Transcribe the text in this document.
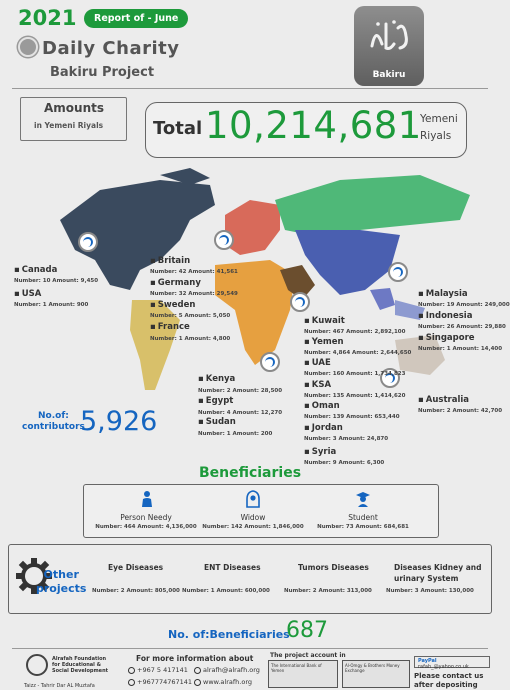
2021	Report of - June
Daily Charity
Bakiru Project	Bakiru
Amounts
in Yemeni Riyals	Total 10,214,681
Yemeni
Riyals
▪ Canada
Number: 10 Amount: 9,450
▪ USA
Number: 1 Amount: 900
▪ Britain
Number: 42 Amount: 41,561
▪ Germany
Number: 32 Amount: 29,549
▪ Sweden
Number: 5 Amount: 5,050
▪ France
Number: 1 Amount: 4,800
▪ Kenya
Number: 2 Amount: 28,500
▪ Egypt
Number: 4 Amount: 12,270
▪ Sudan
Number: 1 Amount: 200
▪ Kuwait
Number: 467 Amount: 2,892,100
▪ Yemen
Number: 4,864 Amount: 2,644,650
▪ UAE
Number: 160 Amount: 1,734,823
▪ KSA
Number: 135 Amount: 1,414,620
▪ Oman
Number: 139 Amount: 653,440
▪ Jordan
Number: 3 Amount: 24,870
▪ Syria
Number: 9 Amount: 6,300
▪ Malaysia
Number: 19 Amount: 249,000
▪ Indonesia
Number: 26 Amount: 29,880
▪ Singapore
Number: 1 Amount: 14,400
▪ Australia
Number: 2 Amount: 42,700
No.of:
contributors
5,926
Beneficiaries
Person Needy
Number: 464 Amount: 4,136,000
Widow
Number: 142 Amount: 1,846,000
Student
Number: 73 Amount: 684,681
Other
projects
Eye Diseases
Number: 2 Amount: 805,000
ENT Diseases
Number: 1 Amount: 600,000
Tumors Diseases
Number: 2 Amount: 313,000
Diseases Kidney and
urinary System
Number: 3 Amount: 130,000
No. of:Beneficiaries
687
Alrafah Foundation
for Educational &
Social Development
Taizz - Tahrir Dar AL Muztafa
For more information about
+967 5 417141	alrafh@alrafh.org
+967774767141	www.alrafh.org
The project account in
The International Bank of Yemen
Al-Omgy & Brothers Money Exchange
PayPal rafah_@yahoo.co.uk
Please contact us
after depositing
